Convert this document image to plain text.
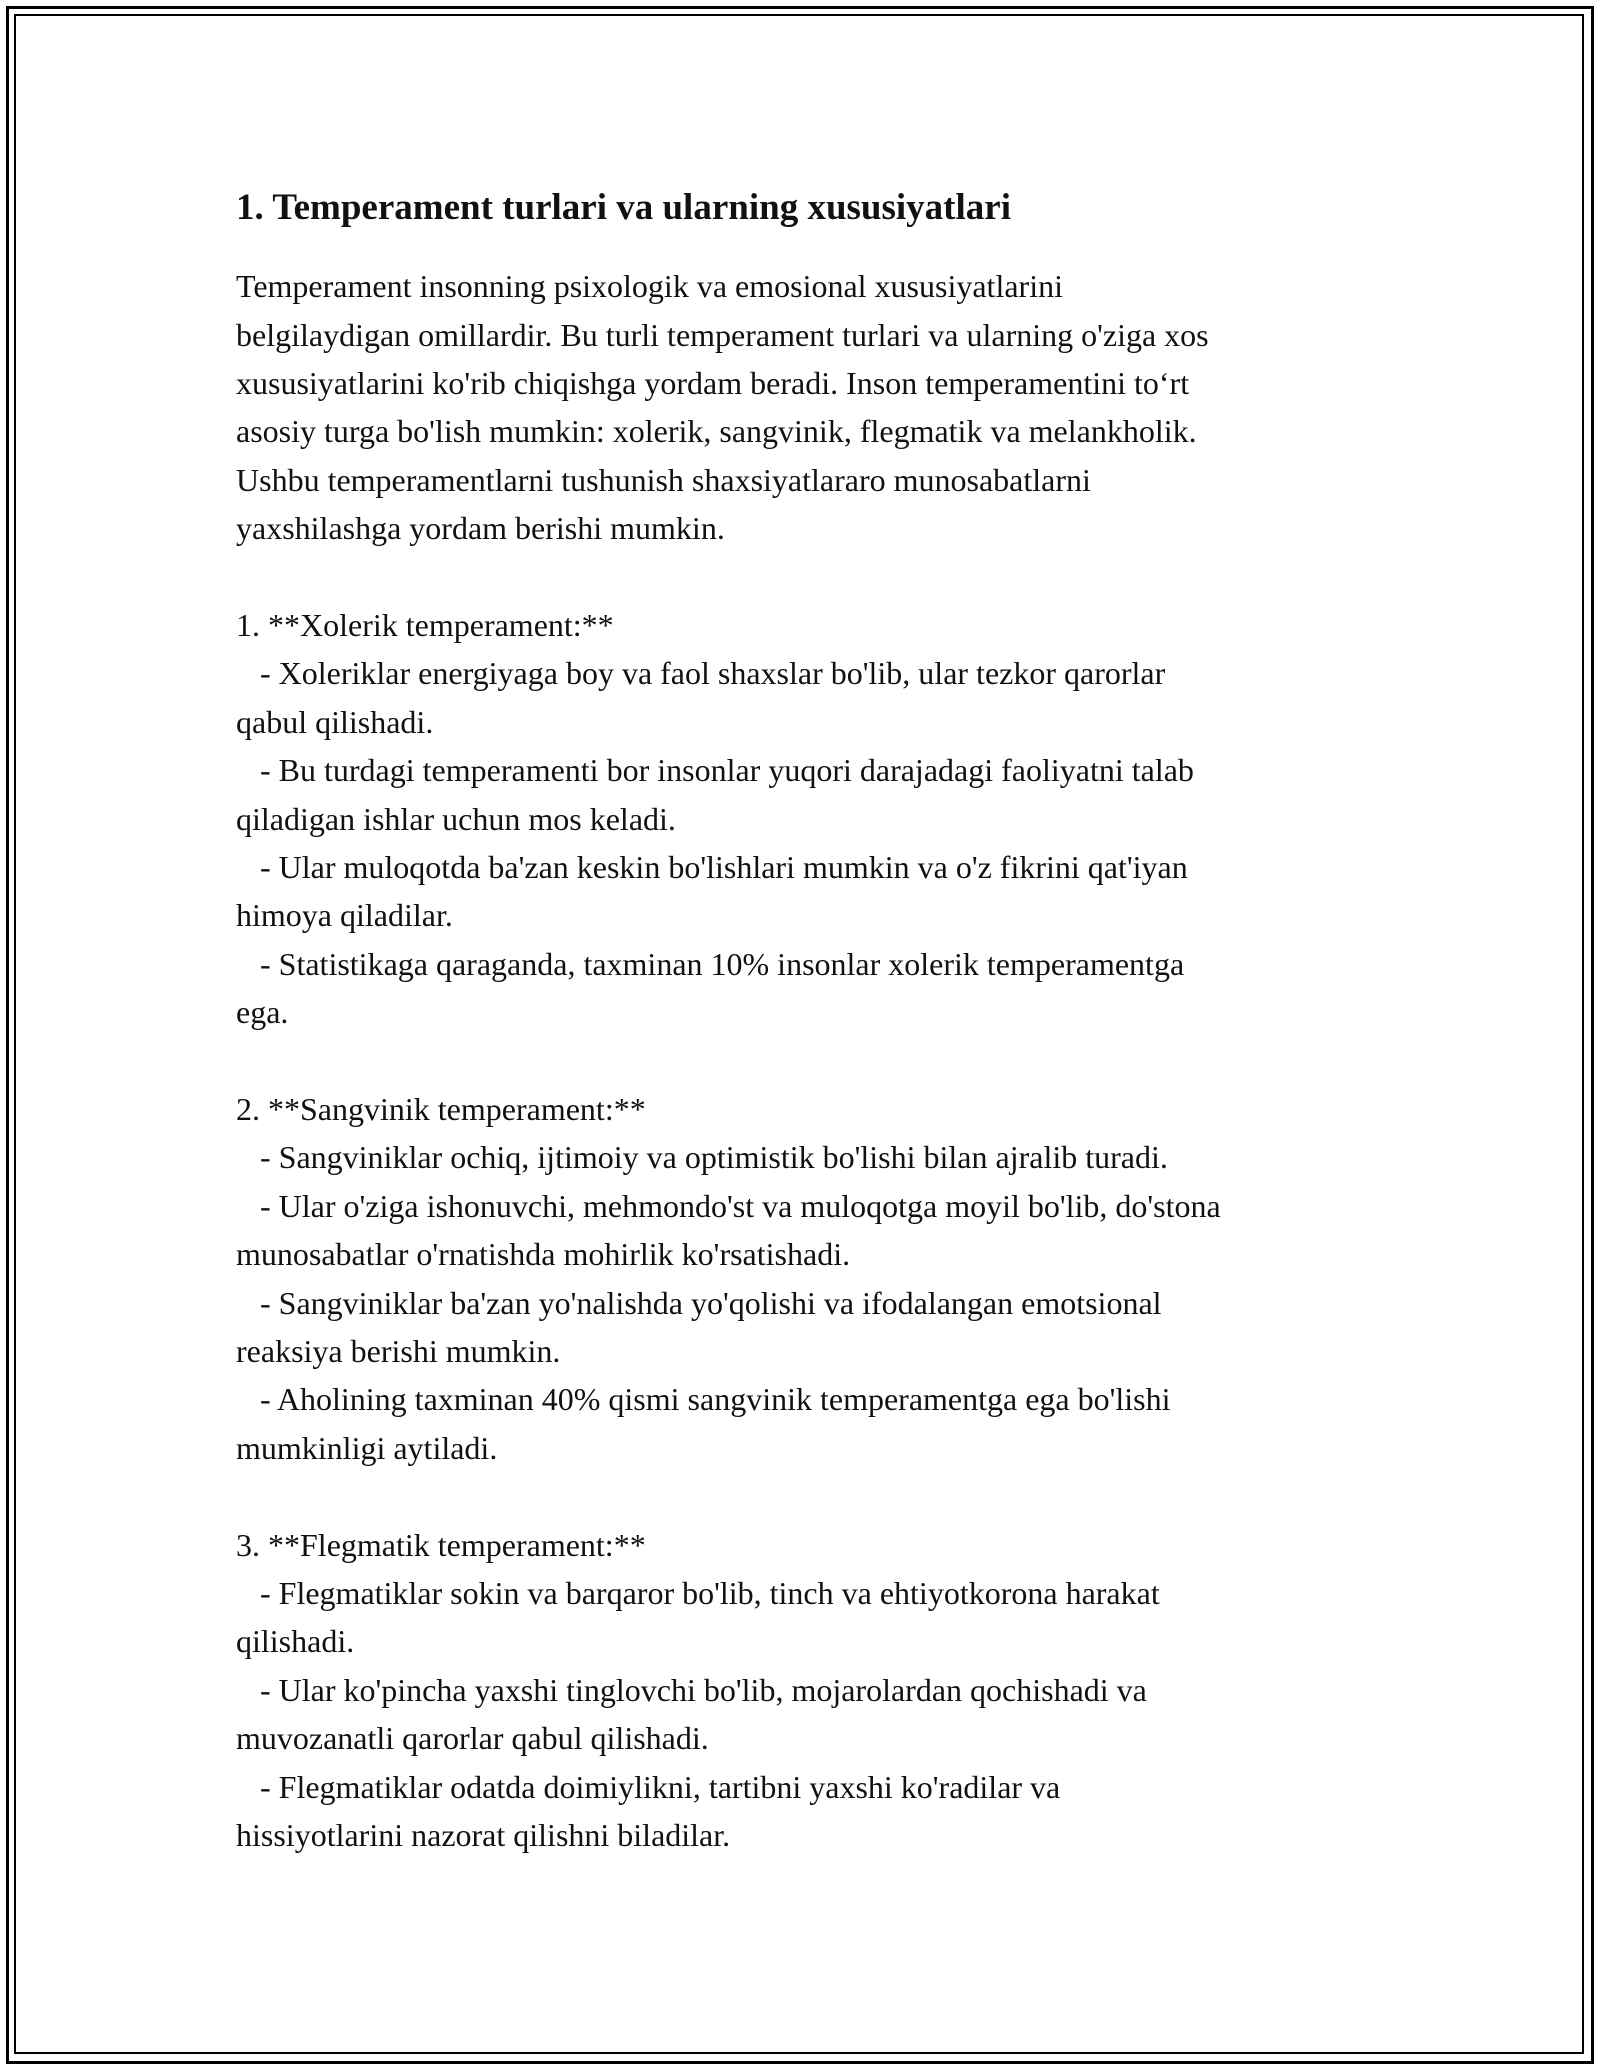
1. Temperament turlari va ularning xususiyatlari

Temperament insonning psixologik va emosional xususiyatlarini
belgilaydigan omillardir. Bu turli temperament turlari va ularning o'ziga xos
xususiyatlarini ko'rib chiqishga yordam beradi. Inson temperamentini to‘rt
asosiy turga bo'lish mumkin: xolerik, sangvinik, flegmatik va melankholik.
Ushbu temperamentlarni tushunish shaxsiyatlararo munosabatlarni
yaxshilashga yordam berishi mumkin.

1. **Xolerik temperament:**
- Xoleriklar energiyaga boy va faol shaxslar bo'lib, ular tezkor qarorlar
qabul qilishadi.
- Bu turdagi temperamenti bor insonlar yuqori darajadagi faoliyatni talab
qiladigan ishlar uchun mos keladi.
- Ular muloqotda ba'zan keskin bo'lishlari mumkin va o'z fikrini qat'iyan
himoya qiladilar.
- Statistikaga qaraganda, taxminan 10% insonlar xolerik temperamentga
ega.

2. **Sangvinik temperament:**
- Sangviniklar ochiq, ijtimoiy va optimistik bo'lishi bilan ajralib turadi.
- Ular o'ziga ishonuvchi, mehmondo'st va muloqotga moyil bo'lib, do'stona
munosabatlar o'rnatishda mohirlik ko'rsatishadi.
- Sangviniklar ba'zan yo'nalishda yo'qolishi va ifodalangan emotsional
reaksiya berishi mumkin.
- Aholining taxminan 40% qismi sangvinik temperamentga ega bo'lishi
mumkinligi aytiladi.

3. **Flegmatik temperament:**
- Flegmatiklar sokin va barqaror bo'lib, tinch va ehtiyotkorona harakat
qilishadi.
- Ular ko'pincha yaxshi tinglovchi bo'lib, mojarolardan qochishadi va
muvozanatli qarorlar qabul qilishadi.
- Flegmatiklar odatda doimiylikni, tartibni yaxshi ko'radilar va
hissiyotlarini nazorat qilishni biladilar.
